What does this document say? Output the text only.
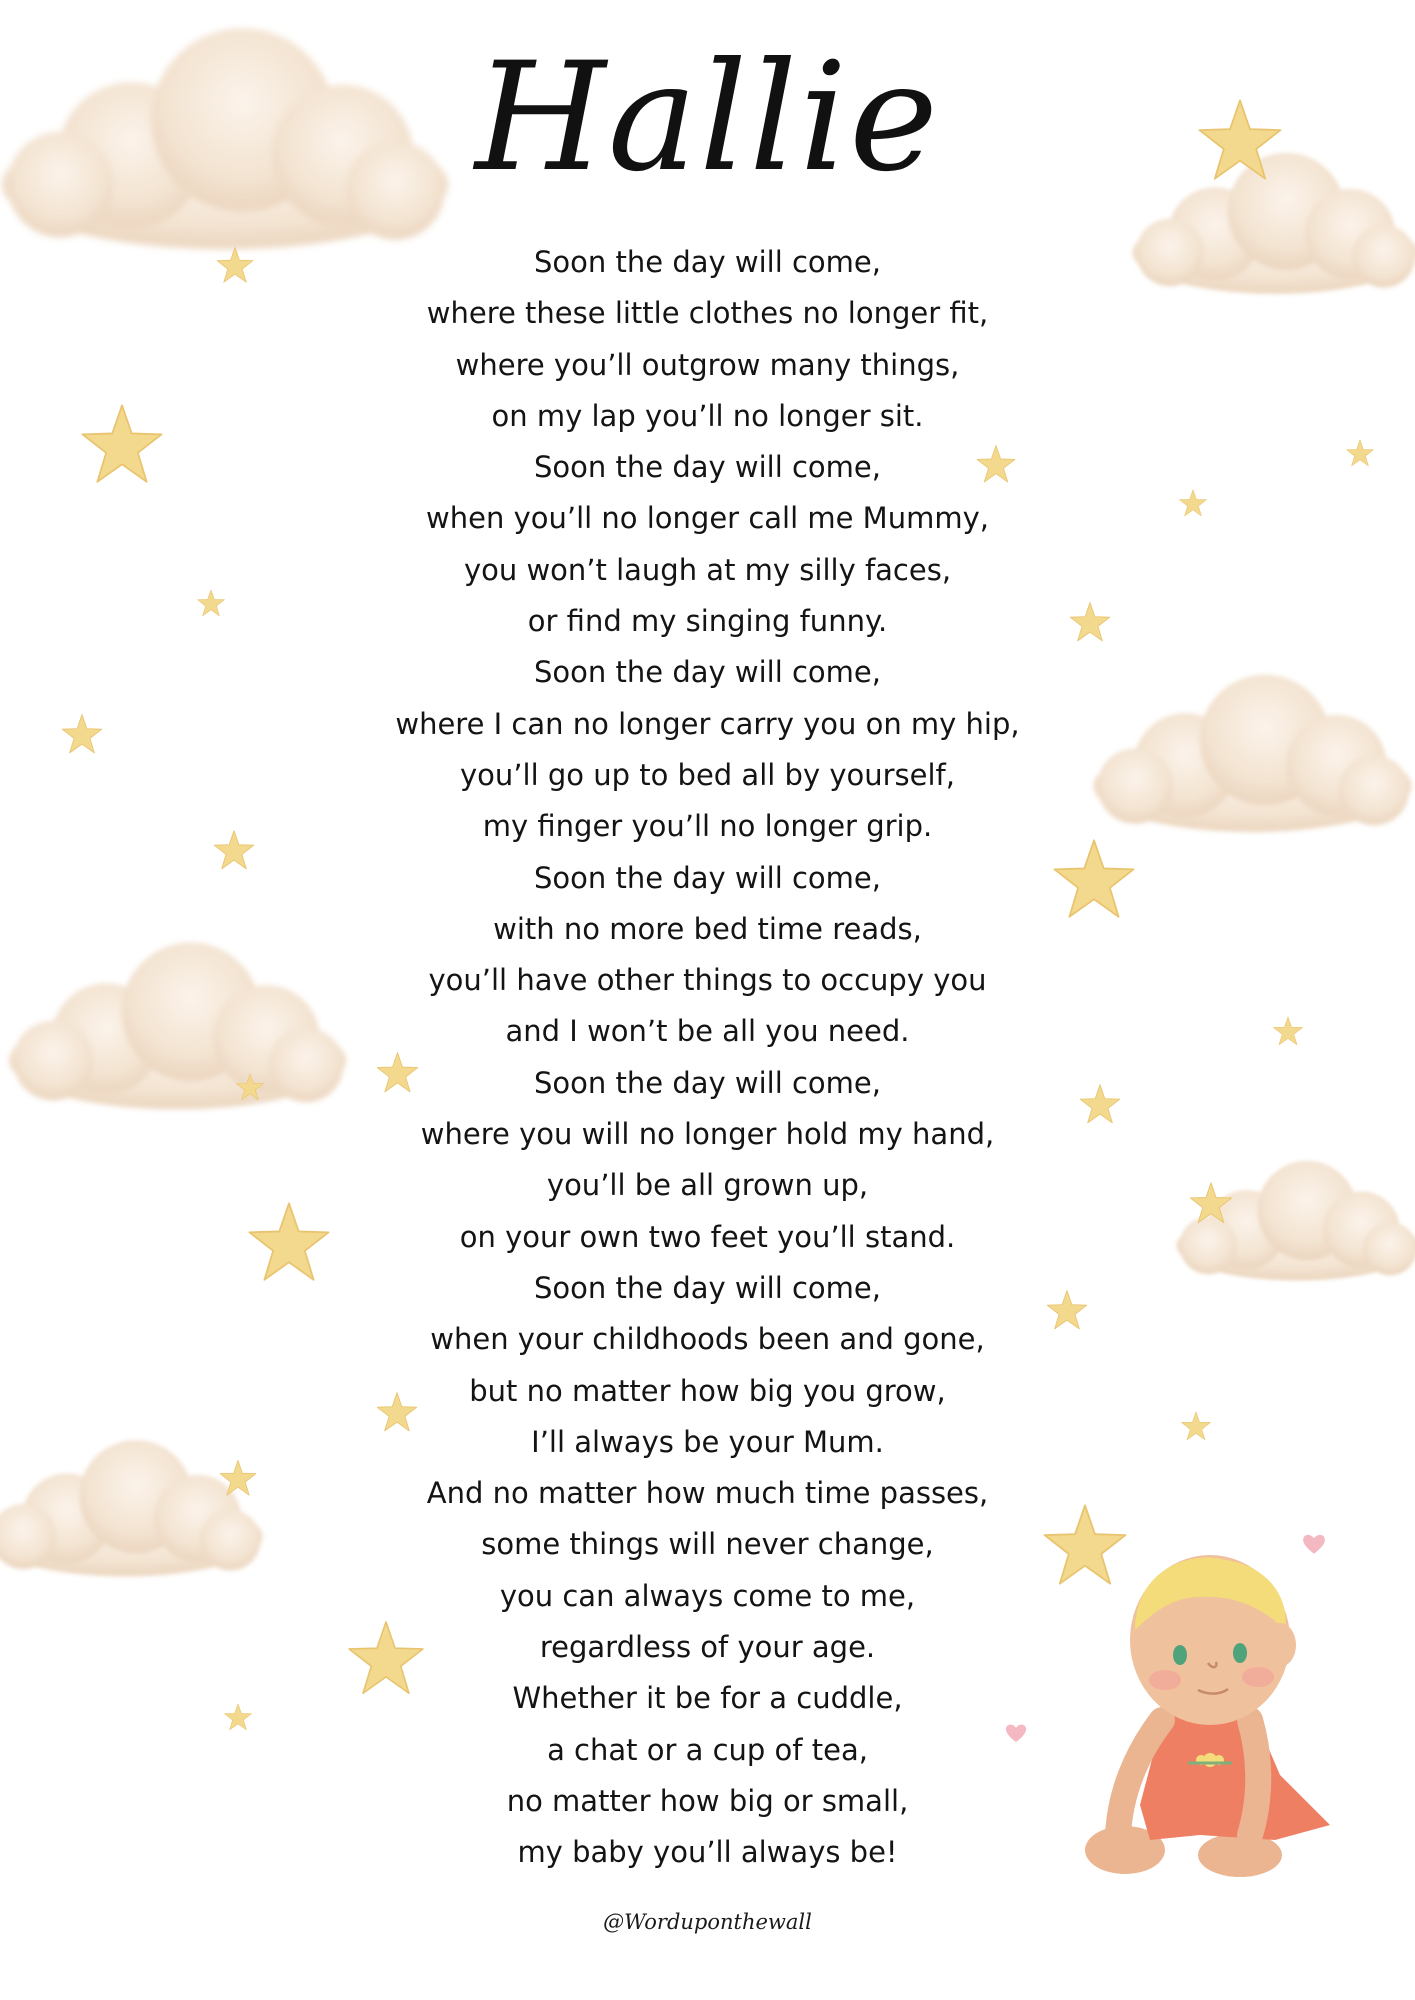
Hallie
Soon the day will come,
where these little clothes no longer fit,
where you’ll outgrow many things,
on my lap you’ll no longer sit.
Soon the day will come,
when you’ll no longer call me Mummy,
you won’t laugh at my silly faces,
or find my singing funny.
Soon the day will come,
where I can no longer carry you on my hip,
you’ll go up to bed all by yourself,
my finger you’ll no longer grip.
Soon the day will come,
with no more bed time reads,
you’ll have other things to occupy you
and I won’t be all you need.
Soon the day will come,
where you will no longer hold my hand,
you’ll be all grown up,
on your own two feet you’ll stand.
Soon the day will come,
when your childhoods been and gone,
but no matter how big you grow,
I’ll always be your Mum.
And no matter how much time passes,
some things will never change,
you can always come to me,
regardless of your age.
Whether it be for a cuddle,
a chat or a cup of tea,
no matter how big or small,
my baby you’ll always be!
@Worduponthewall
